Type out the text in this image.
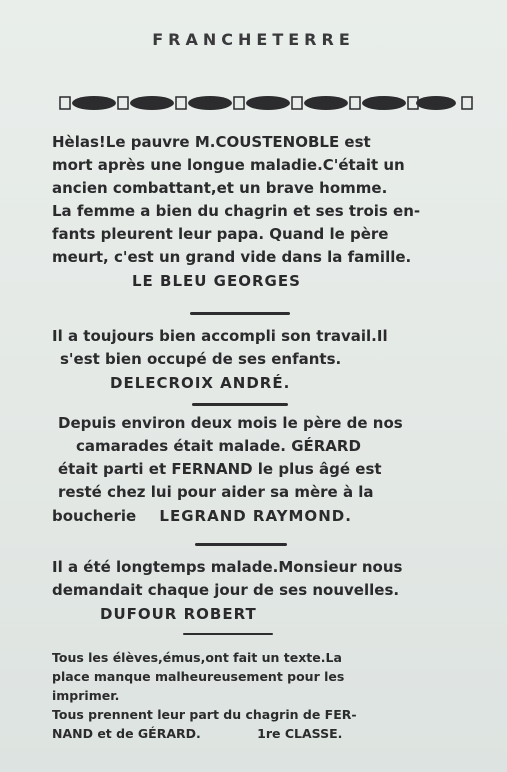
FRANCHETERRE
Hèlas!Le pauvre M.COUSTENOBLE est
mort après une longue maladie.C'était un
ancien combattant,et un brave homme.
La femme a bien du chagrin et ses trois en-
fants pleurent leur papa. Quand le père
meurt, c'est un grand vide dans la famille.
LE BLEU GEORGES
Il a toujours bien accompli son travail.Il
s'est bien occupé de ses enfants.
DELECROIX ANDRÉ.
Depuis environ deux mois le père de nos
camarades était malade. GÉRARD
était parti et FERNAND le plus âgé est
resté chez lui pour aider sa mère à la
boucherie LEGRAND RAYMOND.
Il a été longtemps malade.Monsieur nous
demandait chaque jour de ses nouvelles.
DUFOUR ROBERT
Tous les élèves,émus,ont fait un texte.La
place manque malheureusement pour les
imprimer.
Tous prennent leur part du chagrin de FER-
NAND et de GÉRARD.	1re CLASSE.
